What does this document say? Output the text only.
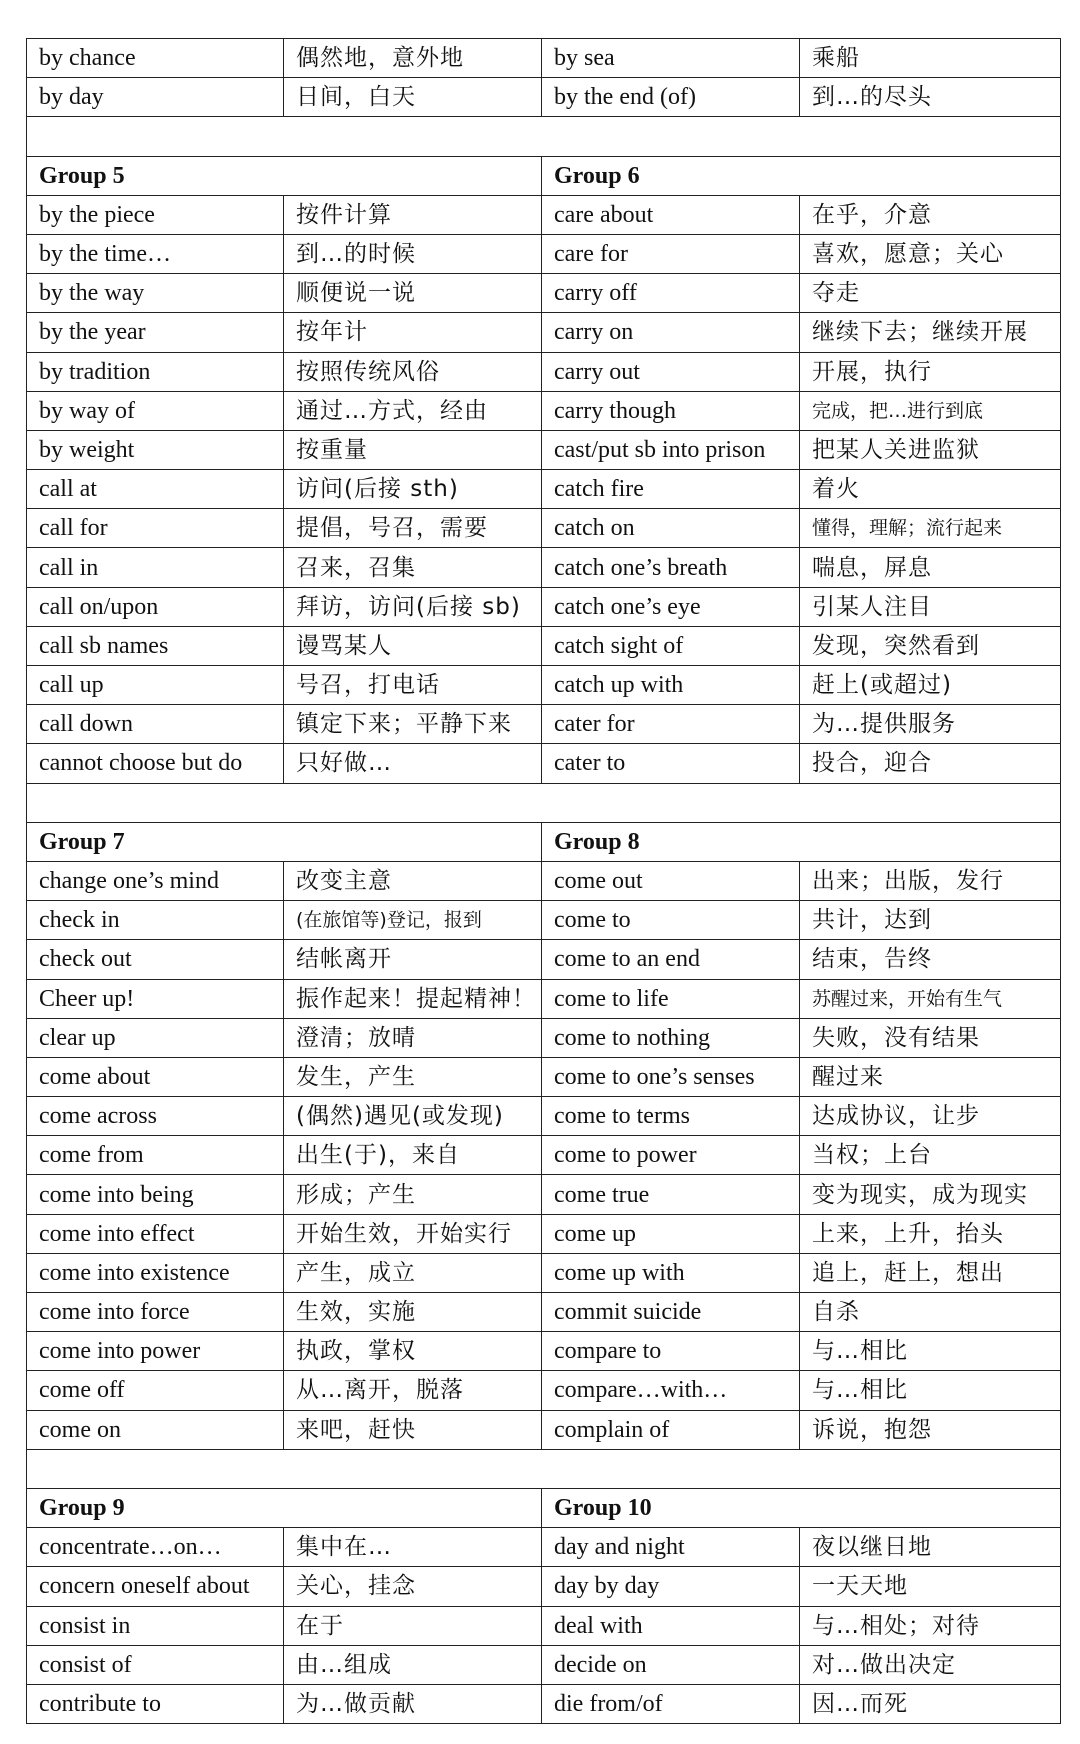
by chance	偶然地，意外地	by sea	乘船
by day	日间，白天	by the end (of)	到…的尽头

Group 5		Group 6	
by the piece	按件计算	care about	在乎，介意
by the time…	到…的时候	care for	喜欢，愿意；关心
by the way	顺便说一说	carry off	夺走
by the year	按年计	carry on	继续下去；继续开展
by tradition	按照传统风俗	carry out	开展，执行
by way of	通过…方式，经由	carry though	完成，把…进行到底
by weight	按重量	cast/put sb into prison	把某人关进监狱
call at	访问(后接 sth)	catch fire	着火
call for	提倡，号召，需要	catch on	懂得，理解；流行起来
call in	召来，召集	catch one’s breath	喘息，屏息
call on/upon	拜访，访问(后接 sb)	catch one’s eye	引某人注目
call sb names	谩骂某人	catch sight of	发现，突然看到
call up	号召，打电话	catch up with	赶上(或超过)
call down	镇定下来；平静下来	cater for	为…提供服务
cannot choose but do	只好做…	cater to	投合，迎合

Group 7		Group 8	
change one’s mind	改变主意	come out	出来；出版，发行
check in	(在旅馆等)登记，报到	come to	共计，达到
check out	结帐离开	come to an end	结束，告终
Cheer up!	振作起来！提起精神！	come to life	苏醒过来，开始有生气
clear up	澄清；放晴	come to nothing	失败，没有结果
come about	发生，产生	come to one’s senses	醒过来
come across	(偶然)遇见(或发现)	come to terms	达成协议，让步
come from	出生(于)，来自	come to power	当权；上台
come into being	形成；产生	come true	变为现实，成为现实
come into effect	开始生效，开始实行	come up	上来，上升，抬头
come into existence	产生，成立	come up with	追上，赶上，想出
come into force	生效，实施	commit suicide	自杀
come into power	执政，掌权	compare to	与…相比
come off	从…离开，脱落	compare…with…	与…相比
come on	来吧，赶快	complain of	诉说，抱怨

Group 9		Group 10	
concentrate…on…	集中在…	day and night	夜以继日地
concern oneself about	关心，挂念	day by day	一天天地
consist in	在于	deal with	与…相处；对待
consist of	由…组成	decide on	对…做出决定
contribute to	为…做贡献	die from/of	因…而死
